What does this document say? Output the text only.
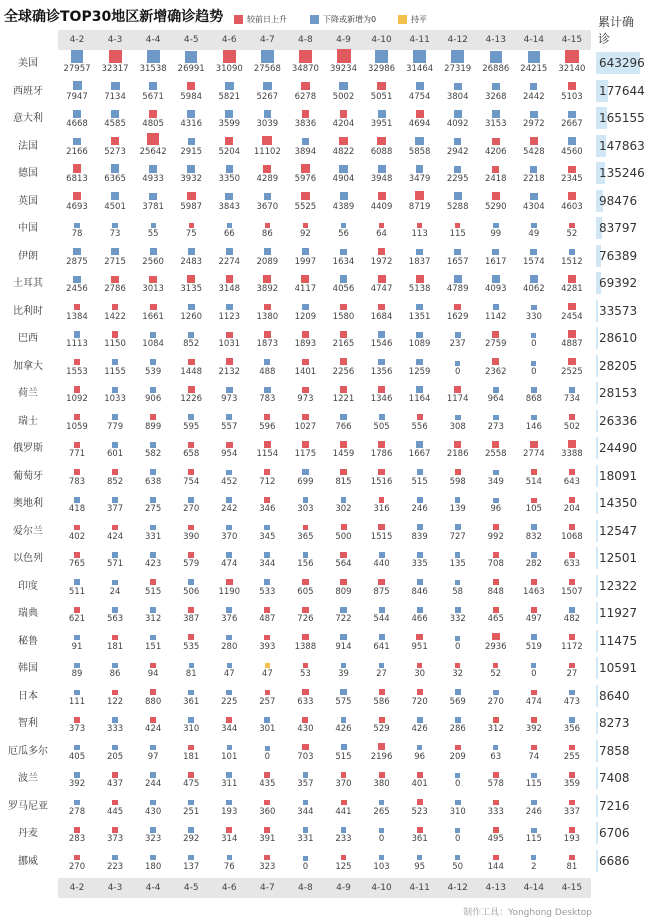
全球确诊TOP30地区新增确诊趋势	较前日上升	下降或新增为0	持平	累计确诊
4-2	4-3	4-4	4-5	4-6	4-7	4-8	4-9	4-10	4-11	4-12	4-13	4-14	4-15
4-2	4-3	4-4	4-5	4-6	4-7	4-8	4-9	4-10	4-11	4-12	4-13	4-14	4-15
美国	27957	32317	31538	26991	31090	27568	34870	39234	32986	31464	27319	26886	24215	32140	643296
西班牙	7947	7134	5671	5984	5821	5267	6278	5002	5051	4754	3804	3268	2442	5103	177644
意大利	4668	4585	4805	4316	3599	3039	3836	4204	3951	4694	4092	3153	2972	2667	165155
法国	2166	5273	25642	2915	5204	11102	3894	4822	6088	5858	2942	4206	5428	4560	147863
德国	6813	6365	4933	3932	3350	4289	5976	4904	3948	3479	2295	2418	2218	2345	135246
英国	4693	4501	3781	5987	3843	3670	5525	4389	4409	8719	5288	5290	4304	4603	98476
中国	78	73	55	75	66	86	92	56	64	113	115	99	49	52	83797
伊朗	2875	2715	2560	2483	2274	2089	1997	1634	1972	1837	1657	1617	1574	1512	76389
土耳其	2456	2786	3013	3135	3148	3892	4117	4056	4747	5138	4789	4093	4062	4281	69392
比利时	1384	1422	1661	1260	1123	1380	1209	1580	1684	1351	1629	1142	330	2454	33573
巴西	1113	1150	1084	852	1031	1873	1893	2165	1546	1089	237	2759	0	4887	28610
加拿大	1553	1155	539	1448	2132	488	1401	2256	1356	1259	0	2362	0	2525	28205
荷兰	1092	1033	906	1226	973	783	973	1221	1346	1164	1174	964	868	734	28153
瑞士	1059	779	899	595	557	596	1027	766	505	556	308	273	146	502	26336
俄罗斯	771	601	582	658	954	1154	1175	1459	1786	1667	2186	2558	2774	3388	24490
葡萄牙	783	852	638	754	452	712	699	815	1516	515	598	349	514	643	18091
奥地利	418	377	275	270	242	346	303	302	316	246	139	96	105	204	14350
爱尔兰	402	424	331	390	370	345	365	500	1515	839	727	992	832	1068	12547
以色列	765	571	423	579	474	344	156	564	440	335	135	708	282	633	12501
印度	511	24	515	506	1190	533	605	809	875	846	58	848	1463	1507	12322
瑞典	621	563	312	387	376	487	726	722	544	466	332	465	497	482	11927
秘鲁	91	181	151	535	280	393	1388	914	641	951	0	2936	519	1172	11475
韩国	89	86	94	81	47	47	53	39	27	30	32	52	0	27	10591
日本	111	122	880	361	225	257	633	575	586	720	569	270	474	473	8640
智利	373	333	424	310	344	301	430	426	529	426	286	312	392	356	8273
厄瓜多尔	405	205	97	181	101	0	703	515	2196	96	209	63	74	255	7858
波兰	392	437	244	475	311	435	357	370	380	401	0	578	115	359	7408
罗马尼亚	278	445	430	251	193	360	344	441	265	523	310	333	246	337	7216
丹麦	283	373	323	292	314	391	331	233	0	361	0	495	115	193	6706
挪威	270	223	180	137	76	323	0	125	103	95	50	144	2	81	6686
制作工具：Yonghong Desktop
